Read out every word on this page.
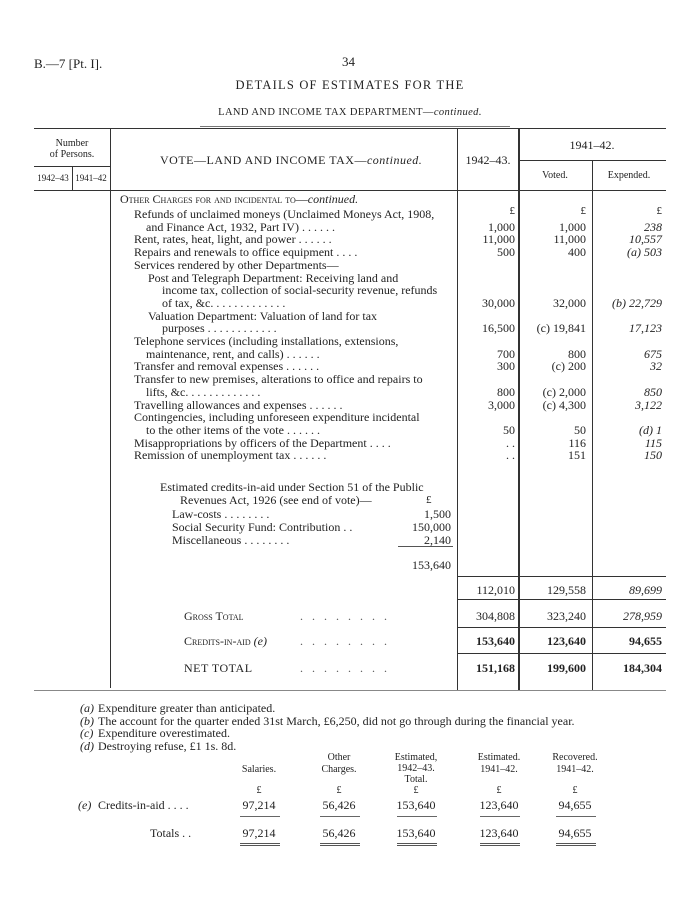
B.—7 [Pt. I].	34
DETAILS OF ESTIMATES FOR THE
LAND AND INCOME TAX DEPARTMENT—continued.
Number
of Persons.
1942–43 1941–42
VOTE—LAND AND INCOME TAX—continued.	1942–43.
1941–42.
Voted.	Expended.
Other Charges for and incidental to—continued.
£	£	£
Refunds of unclaimed moneys (Unclaimed Moneys Act, 1908,
and Finance Act, 1932, Part IV) . . . . . .	1,000	1,000	238
Rent, rates, heat, light, and power . . . . . .	11,000	11,000	10,557
Repairs and renewals to office equipment . . . .	500	400	(a) 503
Services rendered by other Departments—
Post and Telegraph Department: Receiving land and
income tax, collection of social-security revenue, refunds
of tax, &c. . . . . . . . . . . . .	30,000	32,000	(b) 22,729
Valuation Department: Valuation of land for tax
purposes . . . . . . . . . . . .	16,500	(c) 19,841	17,123
Telephone services (including installations, extensions,
maintenance, rent, and calls) . . . . . .	700	800	675
Transfer and removal expenses . . . . . .	300	(c) 200	32
Transfer to new premises, alterations to office and repairs to
lifts, &c. . . . . . . . . . . . .	800	(c) 2,000	850
Travelling allowances and expenses . . . . . .	3,000	(c) 4,300	3,122
Contingencies, including unforeseen expenditure incidental
to the other items of the vote . . . . . .	50	50	(d) 1
Misappropriations by officers of the Department . . . .	. .	116	115
Remission of unemployment tax . . . . . .	. .	151	150
Estimated credits-in-aid under Section 51 of the Public
Revenues Act, 1926 (see end of vote)—	£
Law-costs . . . . . . . .	1,500
Social Security Fund: Contribution . .	150,000
Miscellaneous . . . . . . . .	2,140
153,640
112,010	129,558	89,699
Gross Total	. . . . . . . .	304,808	323,240	278,959
Credits-in-aid (e)	. . . . . . . .	153,640	123,640	94,655
NET TOTAL	. . . . . . . .	151,168	199,600	184,304
(a) Expenditure greater than anticipated.
(b) The account for the quarter ended 31st March, £6,250, did not go through during the financial year.
(c) Expenditure overestimated.
(d) Destroying refuse, £1 1s. 8d.
Salaries.
Other
Charges.
Estimated,
1942–43.
Total.
Estimated.
1941–42.
Recovered.
1941–42.
£	£	£	£	£
(e) Credits-in-aid . . . .	97,214	56,426	153,640	123,640	94,655
Totals . .	97,214	56,426	153,640	123,640	94,655
